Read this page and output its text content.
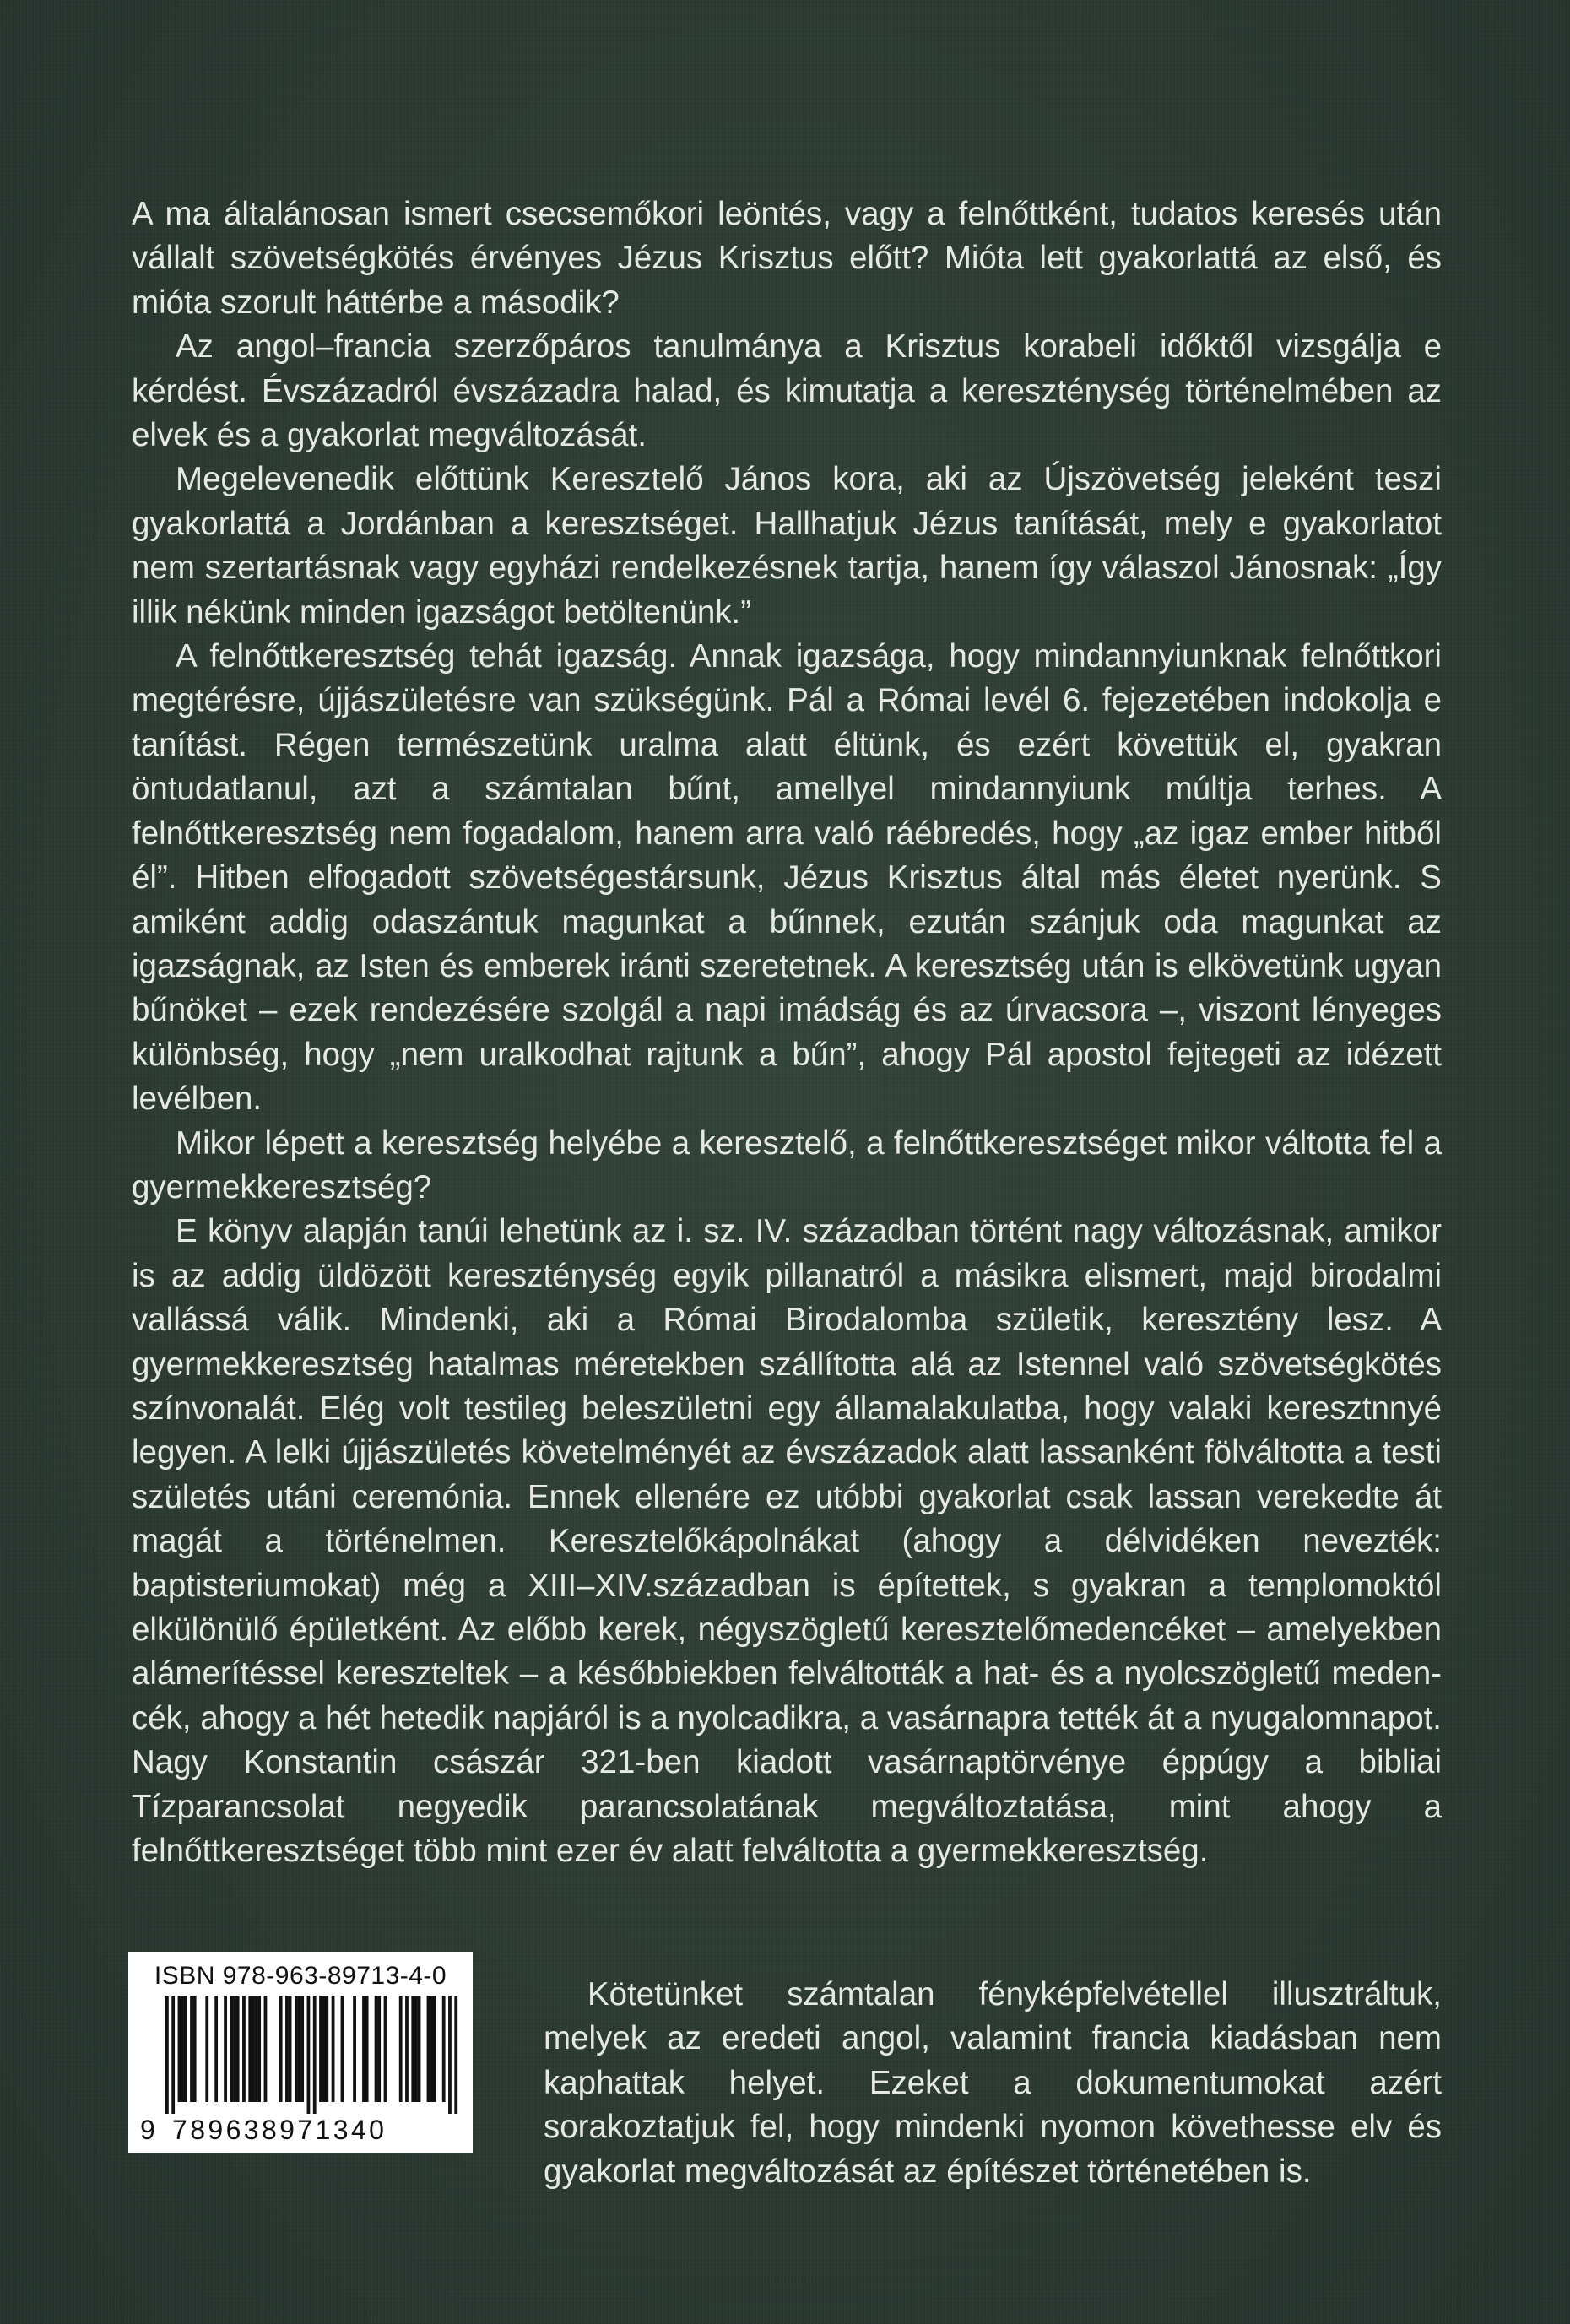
A ma általánosan ismert csecsemőkori leöntés, vagy a felnőttként, tudatos keresés után vállalt szövetségkötés érvényes Jézus Krisztus előtt? Mióta lett gyakorlattá az első, és mióta szorult háttérbe a második?

Az angol–francia szerzőpáros tanulmánya a Krisztus korabeli időktől vizsgálja e kérdést. Évszázadról évszázadra halad, és kimutatja a kereszténység történelmében az elvek és a gyakorlat megváltozását.

Megelevenedik előttünk Keresztelő János kora, aki az Újszövetség jeleként teszi gyakorlattá a Jordánban a keresztséget. Hallhatjuk Jézus tanítását, mely e gyakorlatot nem szertartásnak vagy egyházi rendelkezésnek tartja, hanem így válaszol Jánosnak: „Így illik nékünk minden igazságot betöltenünk.”

A felnőttkeresztség tehát igazság. Annak igazsága, hogy mindannyiunknak felnőttkori megtérésre, újjászületésre van szükségünk. Pál a Római levél 6. fejezetében indokolja e tanítást. Régen természetünk uralma alatt éltünk, és ezért követtük el, gyakran öntudatlanul, azt a számtalan bűnt, amellyel mindannyiunk múltja terhes. A felnőttkeresztség nem fogadalom, hanem arra való ráébredés, hogy „az igaz ember hitből él”. Hitben elfogadott szövetségestársunk, Jézus Krisztus által más életet nyerünk. S amiként addig odaszántuk magunkat a bűnnek, ezután szánjuk oda magunkat az igazságnak, az Isten és emberek iránti szeretetnek. A keresztség után is elkövetünk ugyan bűnöket – ezek rendezésére szolgál a napi imádság és az úrvacsora –, viszont lényeges különbség, hogy „nem uralkodhat rajtunk a bűn”, ahogy Pál apostol fejtegeti az idézett levélben.

Mikor lépett a keresztség helyébe a keresztelő, a felnőttkeresztséget mikor váltotta fel a gyermekkeresztség?

E könyv alapján tanúi lehetünk az i. sz. IV. században történt nagy változásnak, amikor is az addig üldözött kereszténység egyik pillanatról a másikra elismert, majd birodalmi vallássá válik. Mindenki, aki a Római Birodalomba születik, keresztény lesz. A gyermekkeresztség hatalmas méretekben szállította alá az Istennel való szövetségkötés színvonalát. Elég volt testileg beleszületni egy államalakulatba, hogy valaki keresztnnyé legyen. A lelki újjászületés követelményét az évszázadok alatt lassanként fölváltotta a testi születés utáni ceremónia. Ennek ellenére ez utóbbi gyakorlat csak lassan verekedte át magát a történelmen. Keresztelőkápolnákat (ahogy a délvidéken nevezték: baptisteriumokat) még a XIII–XIV.században is építettek, s gyakran a templomoktól elkülönülő épületként. Az előbb kerek, négyszögletű keresztelőmedencéket – amelyekben alámerítéssel kereszteltek – a későbbiekben felváltották a hat- és a nyolcszögletű medencék, ahogy a hét hetedik napjáról is a nyolcadikra, a vasárnapra tették át a nyugalomnapot. Nagy Konstantin császár 321-ben kiadott vasárnaptörvénye éppúgy a bibliai Tízparancsolat negyedik parancsolatának megváltoztatása, mint ahogy a felnőttkeresztséget több mint ezer év alatt felváltotta a gyermekkeresztség.

ISBN 978-963-89713-4-0
9 789638971340

Kötetünket számtalan fényképfelvétellel illusztráltuk, melyek az eredeti angol, valamint francia kiadásban nem kaphattak helyet. Ezeket a dokumentumokat azért sorakoztatjuk fel, hogy mindenki nyomon követhesse elv és gyakorlat megváltozását az építészet történetében is.
